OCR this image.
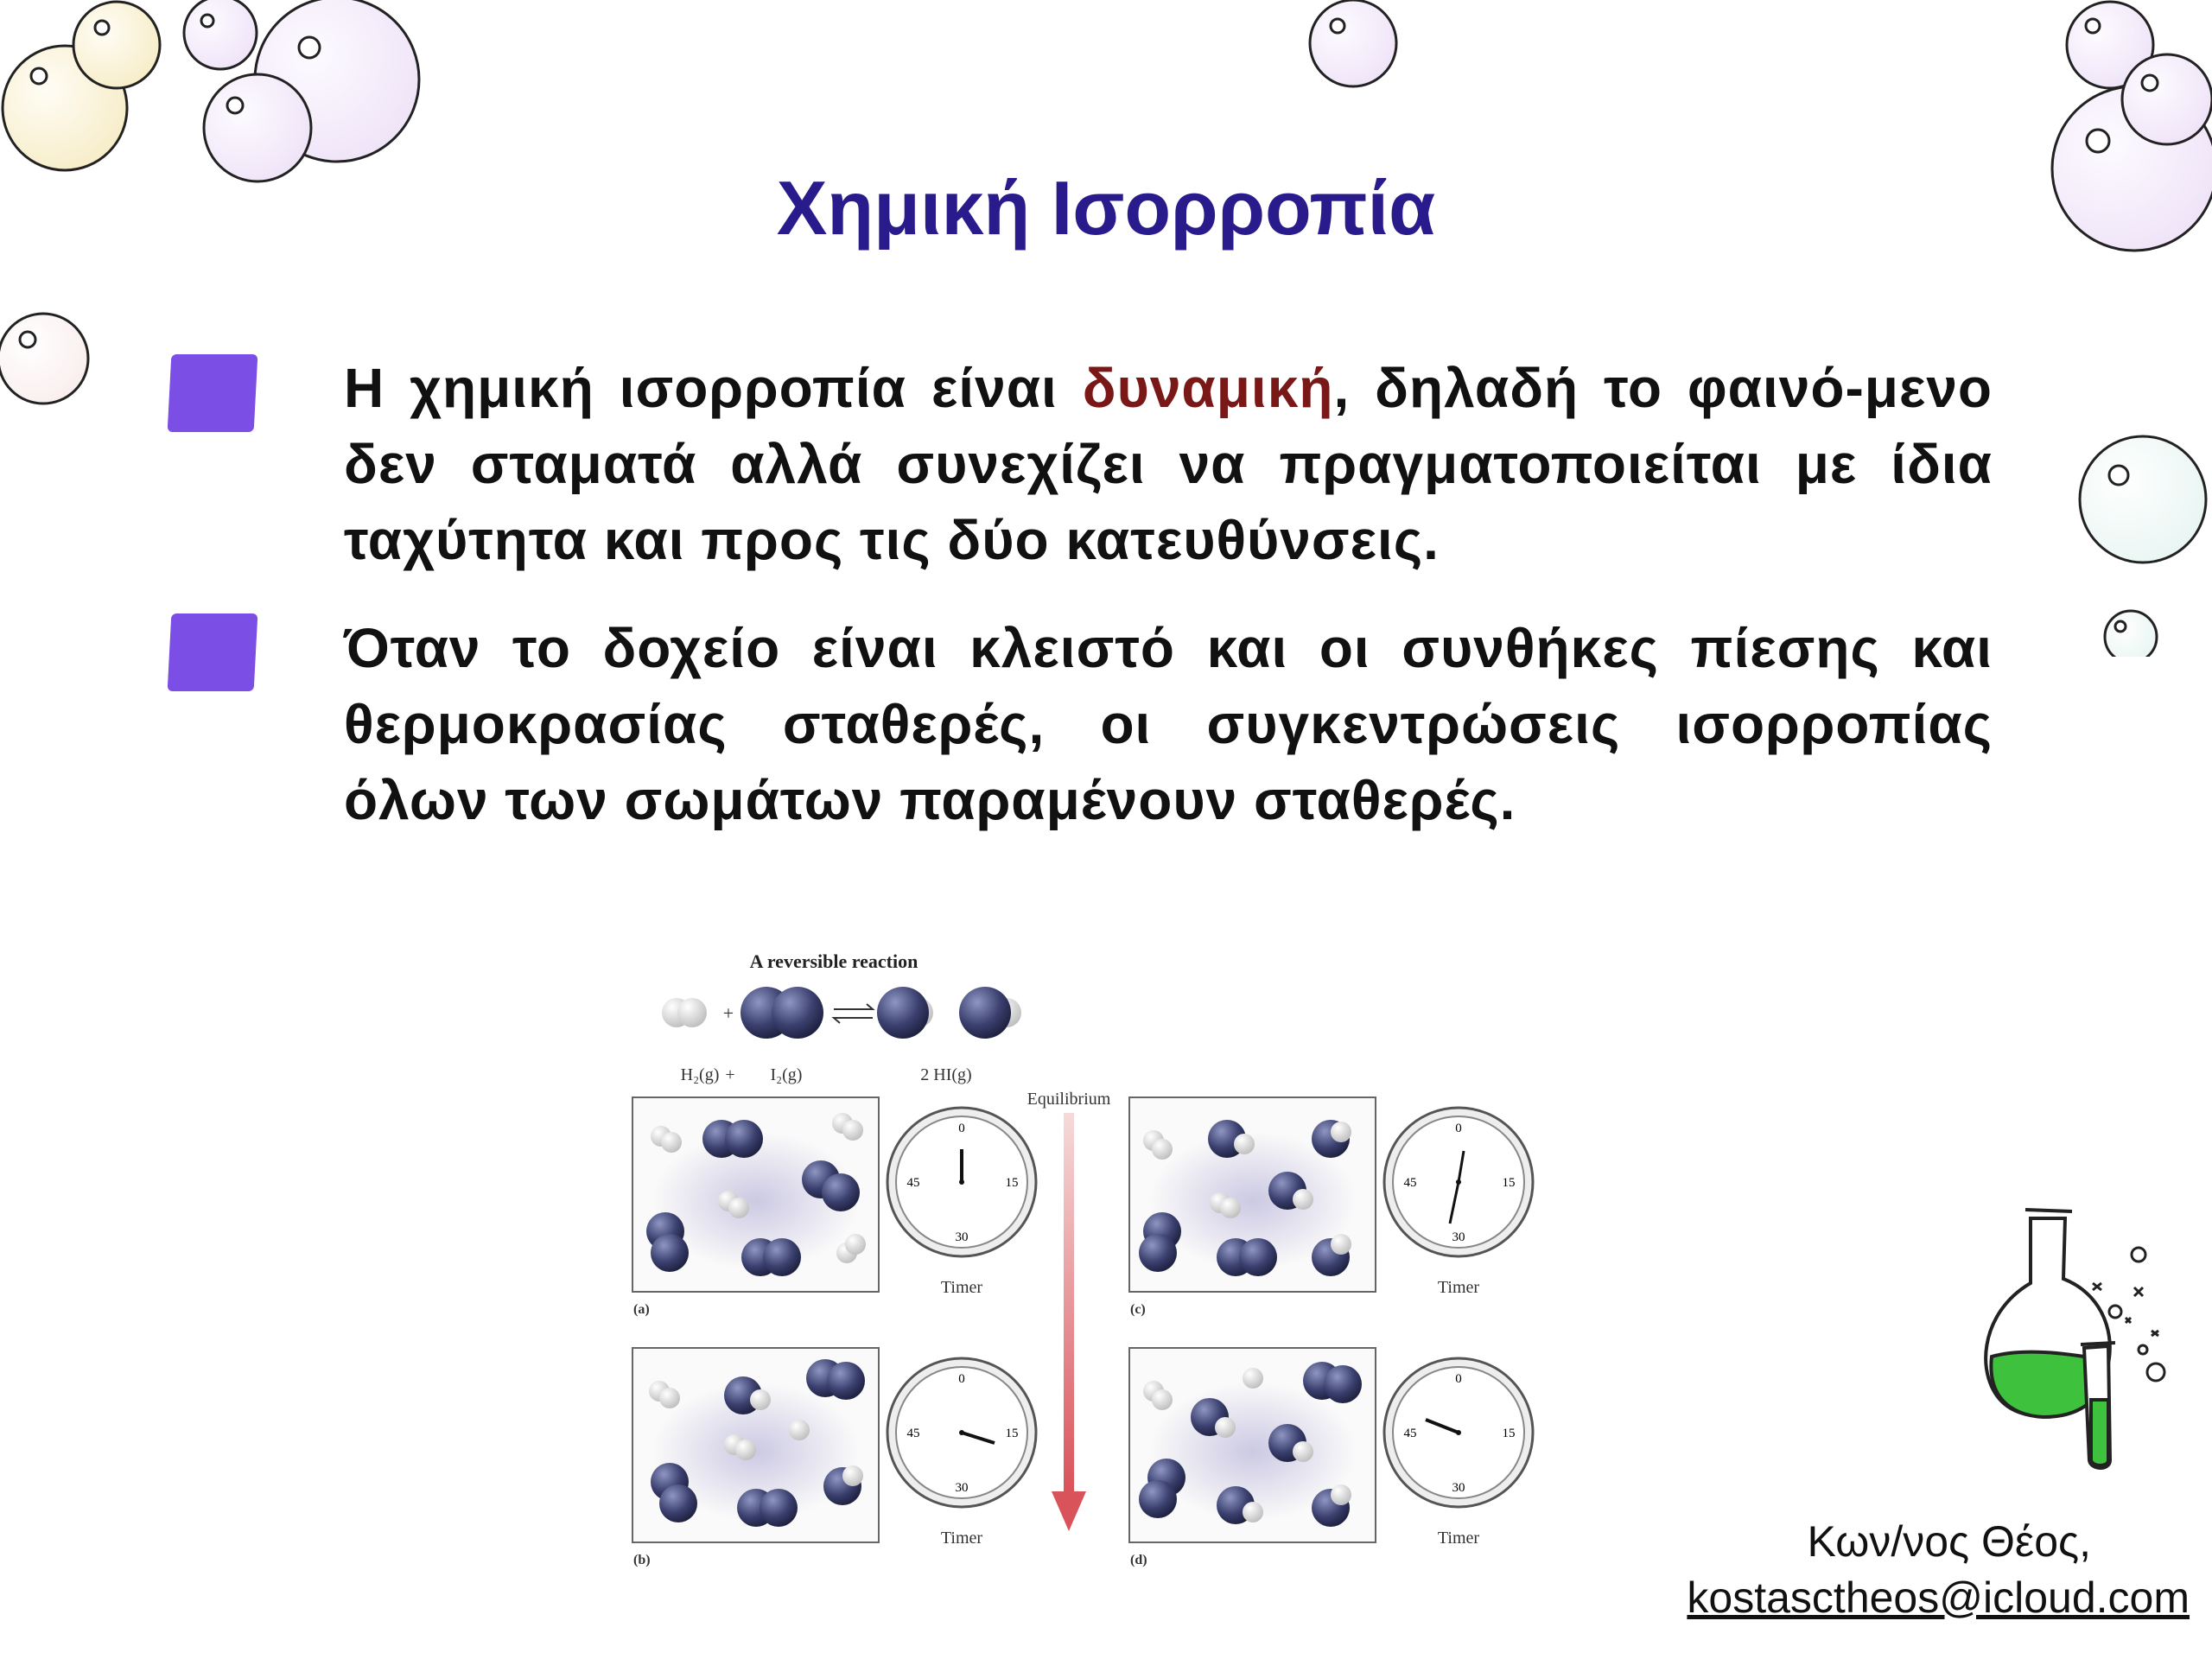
Χημική Ισορροπία
Η χημική ισορροπία είναι δυναμική, δηλαδή το φαινό-μενο δεν σταματά αλλά συνεχίζει να πραγματοποιείται με ίδια ταχύτητα και προς τις δύο κατευθύνσεις.
Όταν το δοχείο είναι κλειστό και οι συνθήκες πίεσης και θερμοκρασίας σταθερές, οι συγκεντρώσεις ισορροπίας όλων των σωμάτων παραμένουν σταθερές.
A reversible reaction
+
H₂(g) + I₂(g)	2 HI(g)
Equilibrium
(a)
0
15
30
45
Timer
(b)
0
15
30
45
Timer
(c)
0
15
30
45
Timer
(d)
0
15
30
45
Timer	Κων/νος Θέος,
kostasctheos@icloud.com
